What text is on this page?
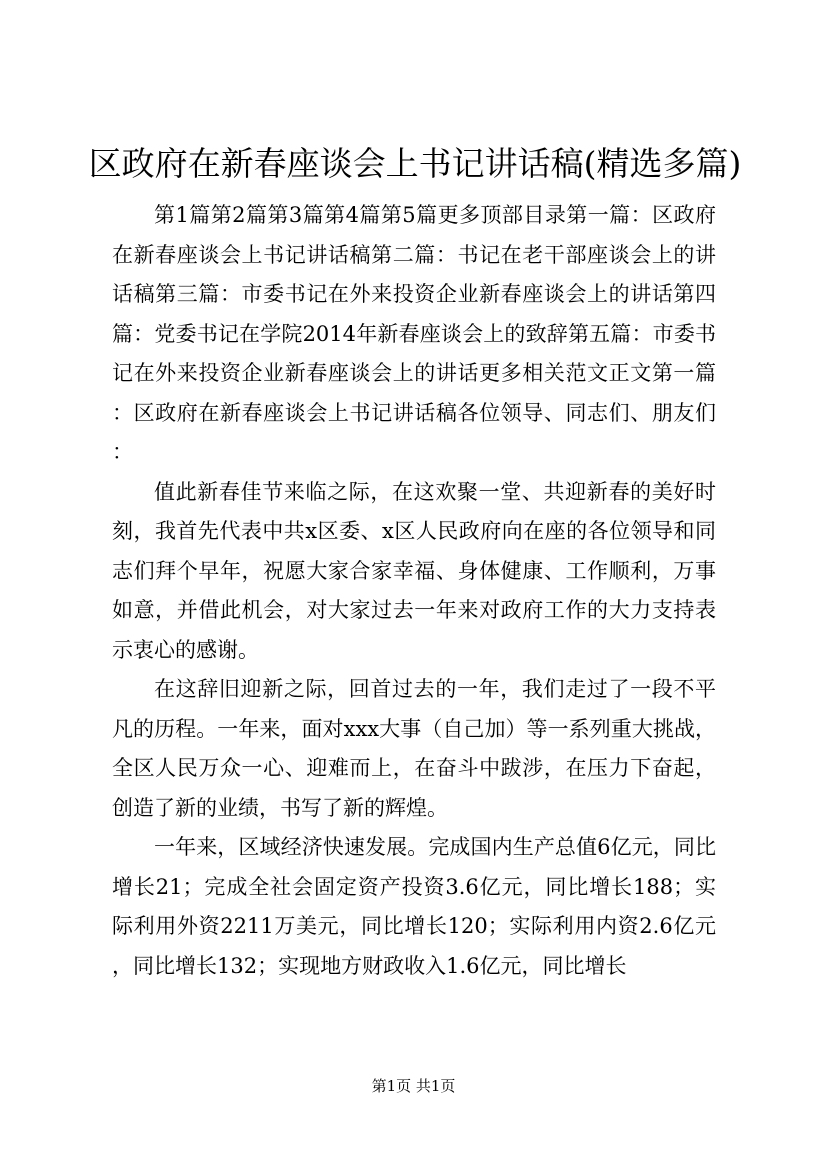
区政府在新春座谈会上书记讲话稿(精选多篇)

第1篇第2篇第3篇第4篇第5篇更多顶部目录第一篇：区政府在新春座谈会上书记讲话稿第二篇：书记在老干部座谈会上的讲话稿第三篇：市委书记在外来投资企业新春座谈会上的讲话第四篇：党委书记在学院2014年新春座谈会上的致辞第五篇：市委书记在外来投资企业新春座谈会上的讲话更多相关范文正文第一篇：区政府在新春座谈会上书记讲话稿各位领导、同志们、朋友们：

值此新春佳节来临之际，在这欢聚一堂、共迎新春的美好时刻，我首先代表中共x区委、x区人民政府向在座的各位领导和同志们拜个早年，祝愿大家合家幸福、身体健康、工作顺利，万事如意，并借此机会，对大家过去一年来对政府工作的大力支持表示衷心的感谢。

在这辞旧迎新之际，回首过去的一年，我们走过了一段不平凡的历程。一年来，面对xxx大事（自己加）等一系列重大挑战，全区人民万众一心、迎难而上，在奋斗中跋涉，在压力下奋起，创造了新的业绩，书写了新的辉煌。

一年来，区域经济快速发展。完成国内生产总值6亿元，同比增长21；完成全社会固定资产投资3.6亿元，同比增长188；实际利用外资2211万美元，同比增长120；实际利用内资2.6亿元，同比增长132；实现地方财政收入1.6亿元，同比增长

第1页 共1页
